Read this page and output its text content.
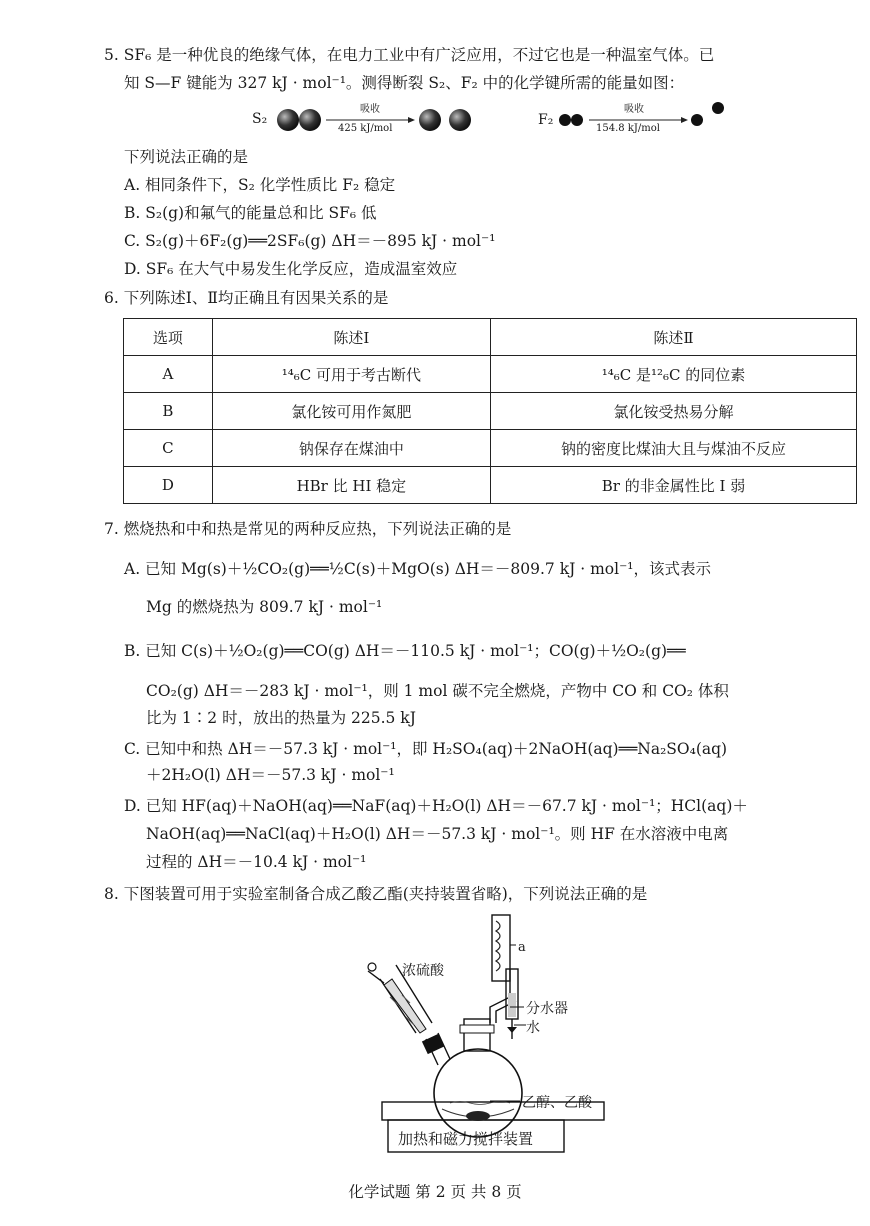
5. SF₆ 是一种优良的绝缘气体，在电力工业中有广泛应用，不过它也是一种温室气体。已
知 S—F 键能为 327 kJ · mol⁻¹。测得断裂 S₂、F₂ 中的化学键所需的能量如图：
S₂
吸收
425 kJ/mol
F₂
吸收
154.8 kJ/mol
下列说法正确的是
A. 相同条件下，S₂ 化学性质比 F₂ 稳定
B. S₂(g)和氟气的能量总和比 SF₆ 低
C. S₂(g)＋6F₂(g)══2SF₆(g) ΔH＝－895 kJ · mol⁻¹
D. SF₆ 在大气中易发生化学反应，造成温室效应
6. 下列陈述Ⅰ、Ⅱ均正确且有因果关系的是
选项	陈述Ⅰ	陈述Ⅱ
A	¹⁴₆C 可用于考古断代	¹⁴₆C 是¹²₆C 的同位素
B	氯化铵可用作氮肥	氯化铵受热易分解
C	钠保存在煤油中	钠的密度比煤油大且与煤油不反应
D	HBr 比 HI 稳定	Br 的非金属性比 I 弱
7. 燃烧热和中和热是常见的两种反应热，下列说法正确的是
A. 已知 Mg(s)＋½CO₂(g)══½C(s)＋MgO(s) ΔH＝－809.7 kJ · mol⁻¹，该式表示
Mg 的燃烧热为 809.7 kJ · mol⁻¹
B. 已知 C(s)＋½O₂(g)══CO(g) ΔH＝－110.5 kJ · mol⁻¹；CO(g)＋½O₂(g)══
CO₂(g) ΔH＝－283 kJ · mol⁻¹，则 1 mol 碳不完全燃烧，产物中 CO 和 CO₂ 体积
比为 1∶2 时，放出的热量为 225.5 kJ
C. 已知中和热 ΔH＝－57.3 kJ · mol⁻¹，即 H₂SO₄(aq)＋2NaOH(aq)══Na₂SO₄(aq)
＋2H₂O(l) ΔH＝－57.3 kJ · mol⁻¹
D. 已知 HF(aq)＋NaOH(aq)══NaF(aq)＋H₂O(l) ΔH＝－67.7 kJ · mol⁻¹；HCl(aq)＋
NaOH(aq)══NaCl(aq)＋H₂O(l) ΔH＝－57.3 kJ · mol⁻¹。则 HF 在水溶液中电离
过程的 ΔH＝－10.4 kJ · mol⁻¹
8. 下图装置可用于实验室制备合成乙酸乙酯(夹持装置省略)，下列说法正确的是
浓硫酸
a
分水器
水
乙醇、乙酸
加热和磁力搅拌装置
化学试题 第 2 页 共 8 页
